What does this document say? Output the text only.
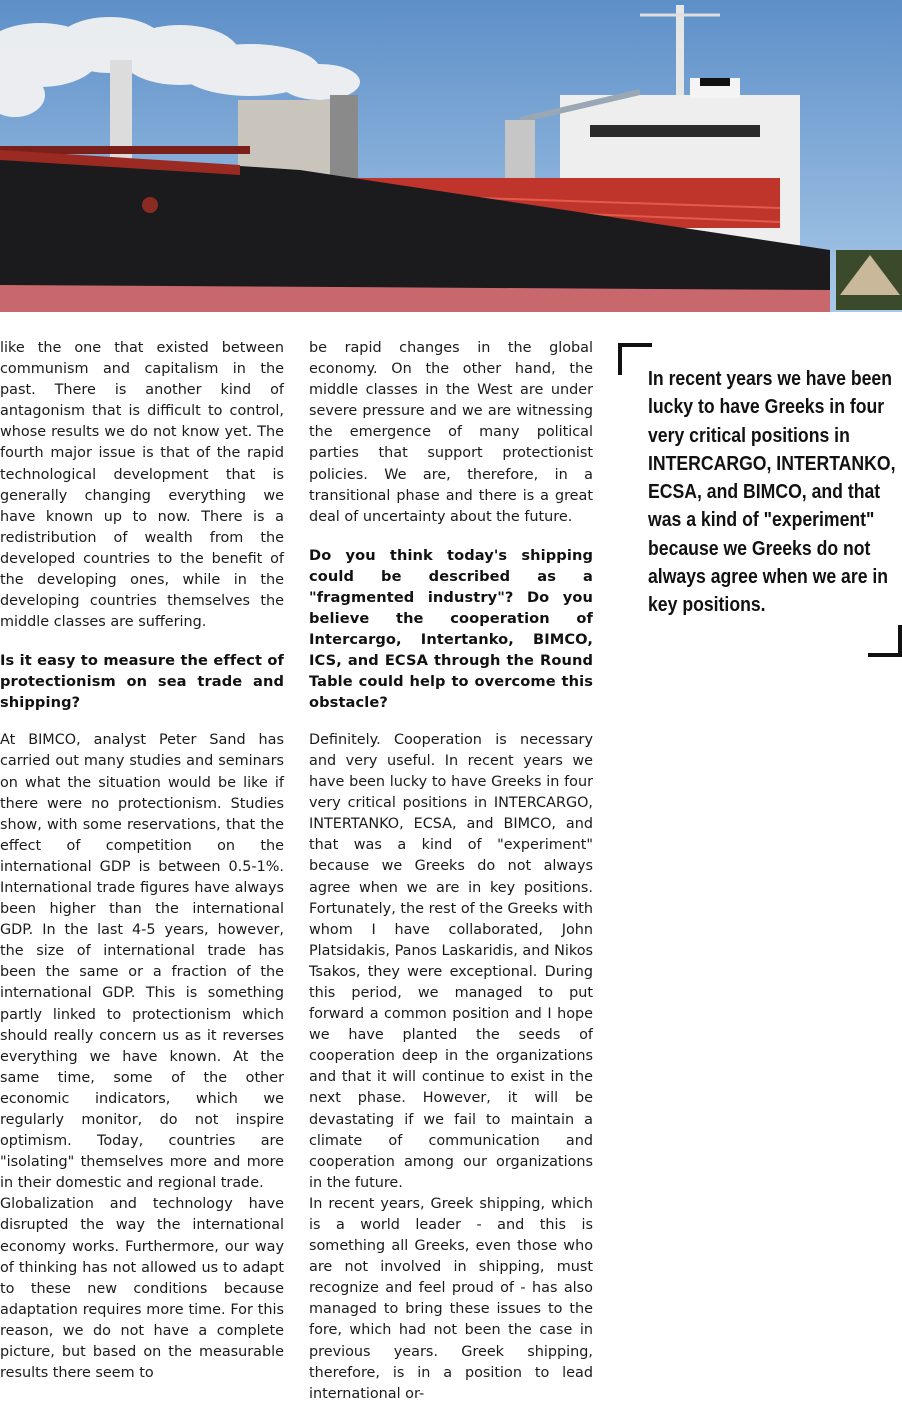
like the one that existed between communism and capitalism in the past. There is another kind of antagonism that is difficult to control, whose results we do not know yet. The fourth major issue is that of the rapid technological development that is generally changing everything we have known up to now. There is a redistribution of wealth from the developed countries to the benefit of the developing ones, while in the developing countries themselves the middle classes are suffering.

Is it easy to measure the effect of protectionism on sea trade and shipping?

At BIMCO, analyst Peter Sand has carried out many studies and seminars on what the situation would be like if there were no protectionism. Studies show, with some reservations, that the effect of competition on the international GDP is between 0.5-1%. International trade figures have always been higher than the international GDP. In the last 4-5 years, however, the size of international trade has been the same or a fraction of the international GDP. This is something partly linked to protectionism which should really concern us as it reverses everything we have known. At the same time, some of the other economic indicators, which we regularly monitor, do not inspire optimism. Today, countries are "isolating" themselves more and more in their domestic and regional trade.

Globalization and technology have disrupted the way the international economy works. Furthermore, our way of thinking has not allowed us to adapt to these new conditions because adaptation requires more time. For this reason, we do not have a complete picture, but based on the measurable results there seem to

be rapid changes in the global economy. On the other hand, the middle classes in the West are under severe pressure and we are witnessing the emergence of many political parties that support protectionist policies. We are, therefore, in a transitional phase and there is a great deal of uncertainty about the future.

Do you think today's shipping could be described as a "fragmented industry"? Do you believe the cooperation of Intercargo, Intertanko, BIMCO, ICS, and ECSA through the Round Table could help to overcome this obstacle?

Definitely. Cooperation is necessary and very useful. In recent years we have been lucky to have Greeks in four very critical positions in INTERCARGO, INTERTANKO, ECSA, and BIMCO, and that was a kind of "experiment" because we Greeks do not always agree when we are in key positions. Fortunately, the rest of the Greeks with whom I have collaborated, John Platsidakis, Panos Laskaridis, and Nikos Tsakos, they were exceptional. During this period, we managed to put forward a common position and I hope we have planted the seeds of cooperation deep in the organizations and that it will continue to exist in the next phase. However, it will be devastating if we fail to maintain a climate of communication and cooperation among our organizations in the future.

In recent years, Greek shipping, which is a world leader - and this is something all Greeks, even those who are not involved in shipping, must recognize and feel proud of - has also managed to bring these issues to the fore, which had not been the case in previous years. Greek shipping, therefore, is in a position to lead international or-

In recent years we have been lucky to have Greeks in four very critical positions in INTERCARGO, INTERTANKO, ECSA, and BIMCO, and that was a kind of "experiment" because we Greeks do not always agree when we are in key positions.
